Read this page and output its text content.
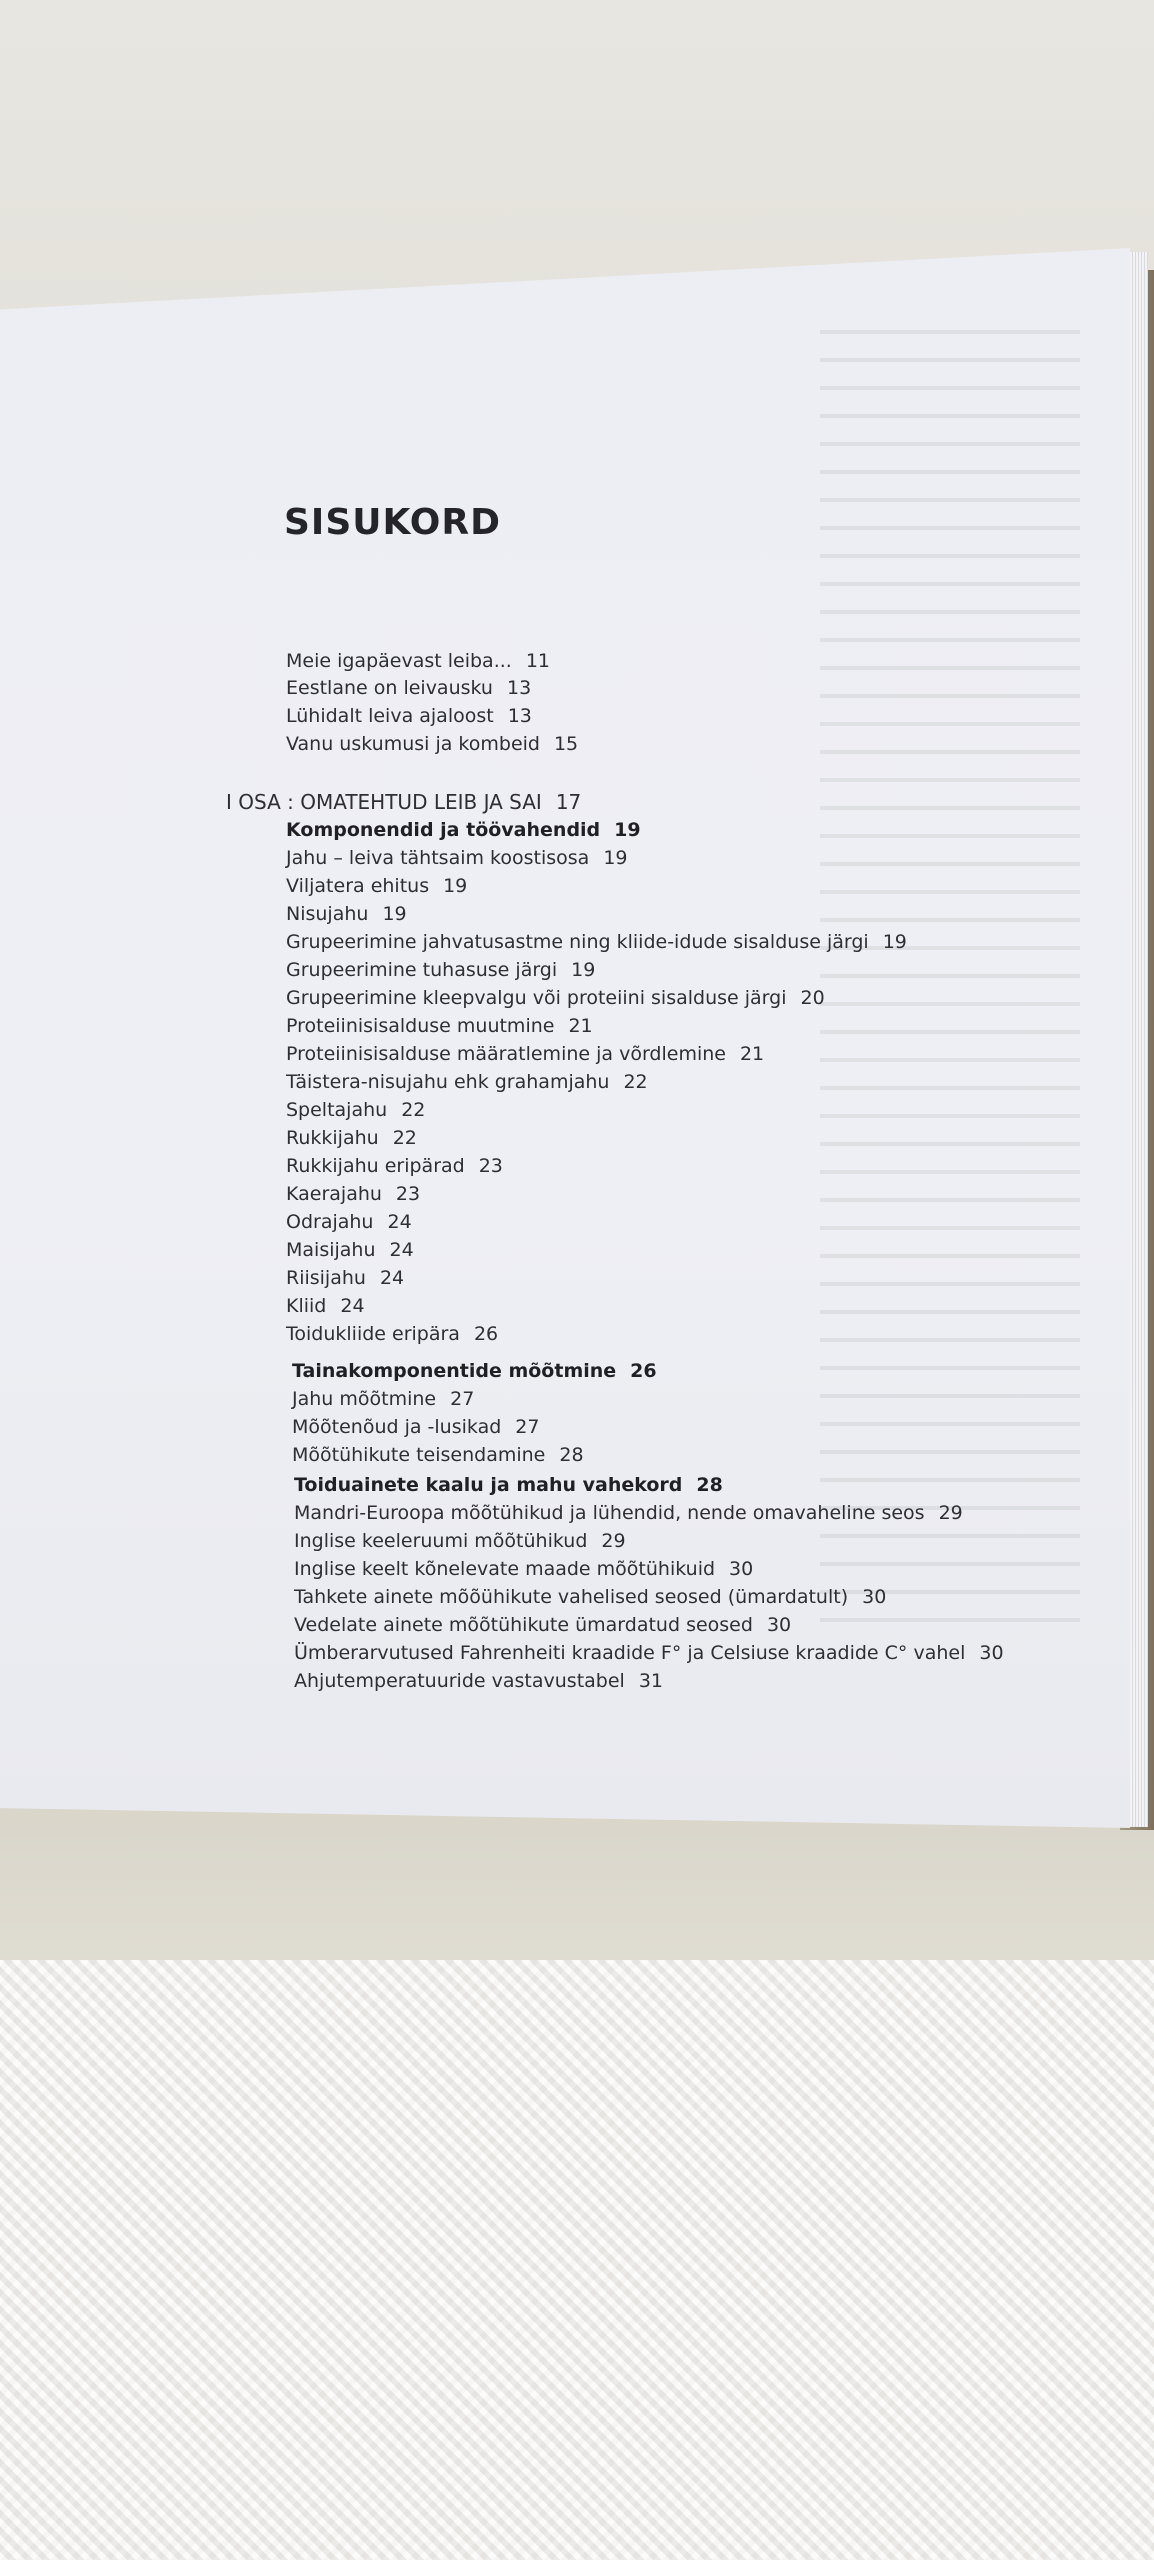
SISUKORD
Meie igapäevast leiba... 11
Eestlane on leivausku 13
Lühidalt leiva ajaloost 13
Vanu uskumusi ja kombeid 15
I OSA : OMATEHTUD LEIB JA SAI 17
Komponendid ja töövahendid 19
Jahu – leiva tähtsaim koostisosa 19
Viljatera ehitus 19
Nisujahu 19
Grupeerimine jahvatusastme ning kliide-idude sisalduse järgi 19
Grupeerimine tuhasuse järgi 19
Grupeerimine kleepvalgu või proteiini sisalduse järgi 20
Proteiinisisalduse muutmine 21
Proteiinisisalduse määratlemine ja võrdlemine 21
Täistera-nisujahu ehk grahamjahu 22
Speltajahu 22
Rukkijahu 22
Rukkijahu eripärad 23
Kaerajahu 23
Odrajahu 24
Maisijahu 24
Riisijahu 24
Kliid 24
Toidukliide eripära 26
Tainakomponentide mõõtmine 26
Jahu mõõtmine 27
Mõõtenõud ja -lusikad 27
Mõõtühikute teisendamine 28
Toiduainete kaalu ja mahu vahekord 28
Mandri-Euroopa mõõtühikud ja lühendid, nende omavaheline seos 29
Inglise keeleruumi mõõtühikud 29
Inglise keelt kõnelevate maade mõõtühikuid 30
Tahkete ainete mõõühikute vahelised seosed (ümardatult) 30
Vedelate ainete mõõtühikute ümardatud seosed 30
Ümberarvutused Fahrenheiti kraadide F° ja Celsiuse kraadide C° vahel 30
Ahjutemperatuuride vastavustabel 31
